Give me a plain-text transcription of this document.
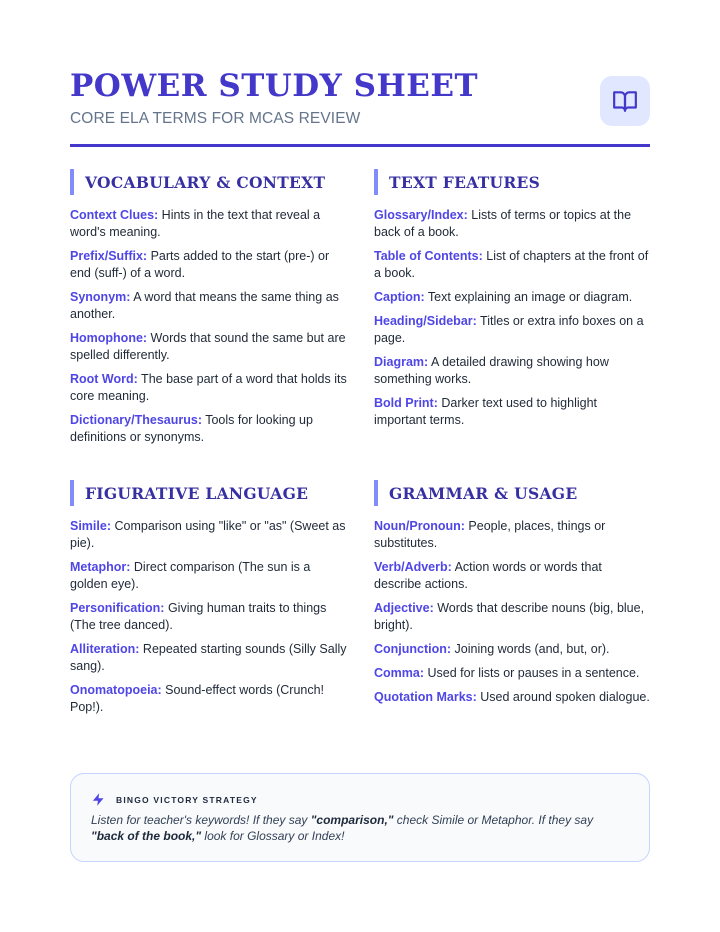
POWER STUDY SHEET
CORE ELA TERMS FOR MCAS REVIEW
VOCABULARY & CONTEXT
Context Clues: Hints in the text that reveal a word's meaning.
Prefix/Suffix: Parts added to the start (pre-) or end (suff-) of a word.
Synonym: A word that means the same thing as another.
Homophone: Words that sound the same but are spelled differently.
Root Word: The base part of a word that holds its core meaning.
Dictionary/Thesaurus: Tools for looking up definitions or synonyms.
TEXT FEATURES
Glossary/Index: Lists of terms or topics at the back of a book.
Table of Contents: List of chapters at the front of a book.
Caption: Text explaining an image or diagram.
Heading/Sidebar: Titles or extra info boxes on a page.
Diagram: A detailed drawing showing how something works.
Bold Print: Darker text used to highlight important terms.
FIGURATIVE LANGUAGE
Simile: Comparison using "like" or "as" (Sweet as pie).
Metaphor: Direct comparison (The sun is a golden eye).
Personification: Giving human traits to things (The tree danced).
Alliteration: Repeated starting sounds (Silly Sally sang).
Onomatopoeia: Sound-effect words (Crunch! Pop!).
GRAMMAR & USAGE
Noun/Pronoun: People, places, things or substitutes.
Verb/Adverb: Action words or words that describe actions.
Adjective: Words that describe nouns (big, blue, bright).
Conjunction: Joining words (and, but, or).
Comma: Used for lists or pauses in a sentence.
Quotation Marks: Used around spoken dialogue.
BINGO VICTORY STRATEGY
Listen for teacher's keywords! If they say "comparison," check Simile or Metaphor. If they say "back of the book," look for Glossary or Index!
